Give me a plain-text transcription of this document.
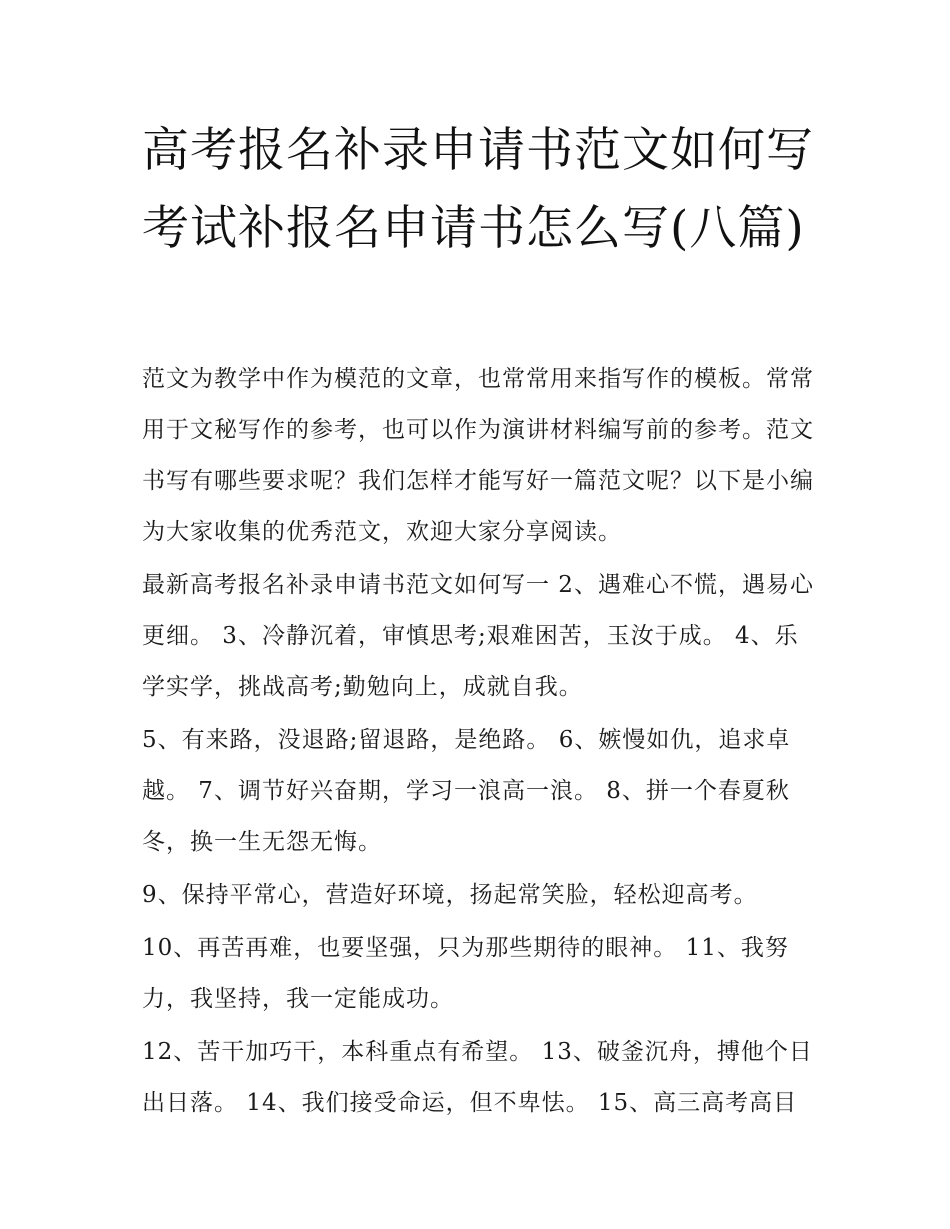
高考报名补录申请书范文如何写 考试补报名申请书怎么写(八篇)

范文为教学中作为模范的文章，也常常用来指写作的模板。常常用于文秘写作的参考，也可以作为演讲材料编写前的参考。范文书写有哪些要求呢？我们怎样才能写好一篇范文呢？以下是小编为大家收集的优秀范文，欢迎大家分享阅读。

最新高考报名补录申请书范文如何写一 2、遇难心不慌，遇易心更细。 3、冷静沉着，审慎思考;艰难困苦，玉汝于成。 4、乐学实学，挑战高考;勤勉向上，成就自我。

5、有来路，没退路;留退路，是绝路。 6、嫉慢如仇，追求卓越。 7、调节好兴奋期，学习一浪高一浪。 8、拼一个春夏秋冬，换一生无怨无悔。

9、保持平常心，营造好环境，扬起常笑脸，轻松迎高考。

10、再苦再难，也要坚强，只为那些期待的眼神。 11、我努力，我坚持，我一定能成功。

12、苦干加巧干，本科重点有希望。 13、破釜沉舟，搏他个日出日落。 14、我们接受命运，但不卑怯。 15、高三高考高目
